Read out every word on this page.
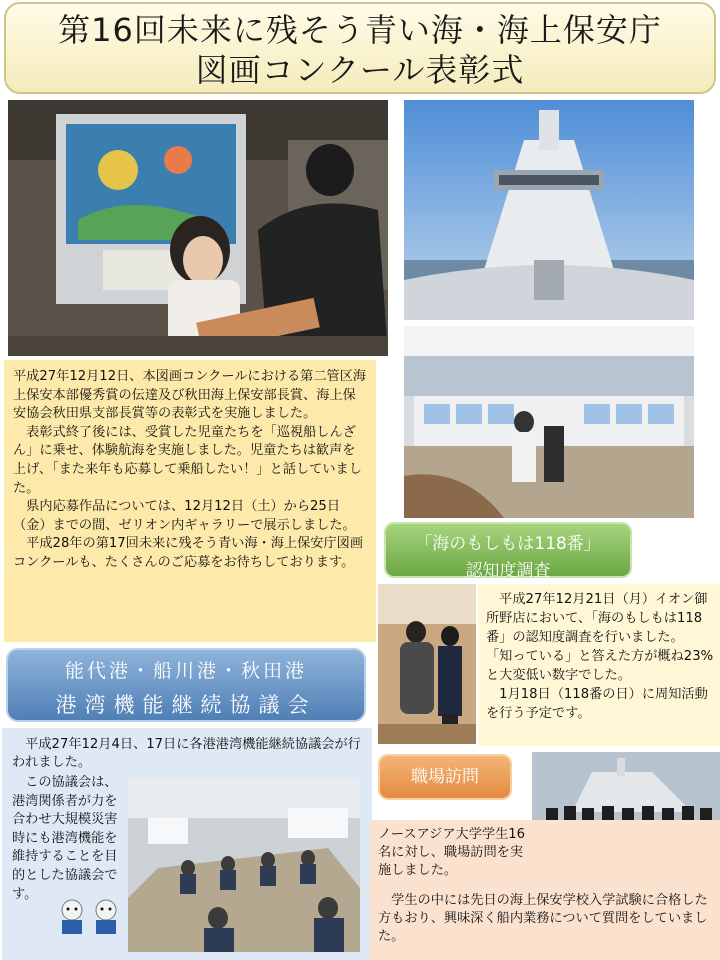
第16回未来に残そう青い海・海上保安庁
図画コンクール表彰式

平成27年12月12日、本図画コンクールにおける第二管区海上保安本部優秀賞の伝達及び秋田海上保安部長賞、海上保安協会秋田県支部長賞等の表彰式を実施しました。

　表彰式終了後には、受賞した児童たちを「巡視船しんざん」に乗せ、体験航海を実施しました。児童たちは歓声を上げ、「また来年も応募して乗船したい！」と話していました。

　県内応募作品については、12月12日（土）から25日（金）までの間、ゼリオン内ギャラリーで展示しました。

　平成28年の第17回未来に残そう青い海・海上保安庁図画コンクールも、たくさんのご応募をお待ちしております。

「海のもしもは118番」
認知度調査

　平成27年12月21日（月）イオン御所野店において、「海のもしもは118番」の認知度調査を行いました。

「知っている」と答えた方が概ね23%と大変低い数字でした。

　1月18日（118番の日）に周知活動を行う予定です。

能代港・船川港・秋田港
港湾機能継続協議会

　平成27年12月4日、17日に各港港湾機能継続協議会が行われました。

　この協議会は、港湾関係者が力を合わせ大規模災害時にも港湾機能を維持することを目的とした協議会です。

職場訪問

ノースアジア大学学生16名に対し、職場訪問を実施しました。

　学生の中には先日の海上保安学校入学試験に合格した方もおり、興味深く船内業務について質問をしていました。
